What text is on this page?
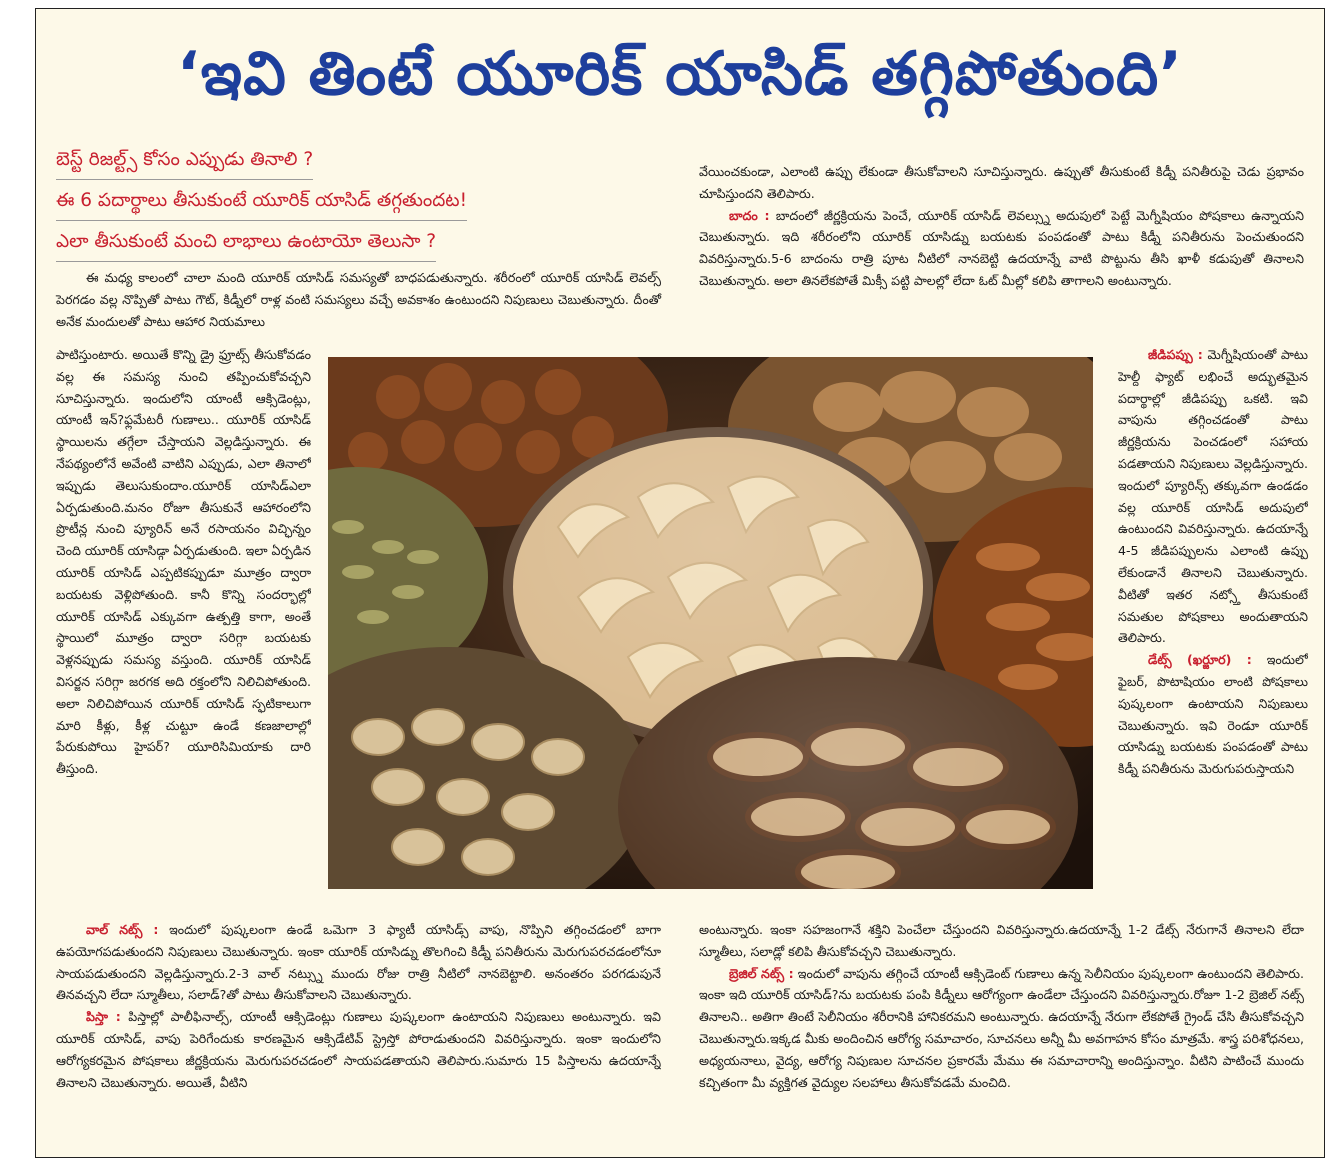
‘ఇవి తింటే యూరిక్ యాసిడ్ తగ్గిపోతుంది’
బెస్ట్ రిజల్ట్స్ కోసం ఎప్పుడు తినాలి ?
ఈ 6 పదార్థాలు తీసుకుంటే యూరిక్ యాసిడ్ తగ్గతుందట!
ఎలా తీసుకుంటే మంచి లాభాలు ఉంటాయో తెలుసా ?

ఈ మధ్య కాలంలో చాలా మంది యూరిక్ యాసిడ్ సమస్యతో బాధపడుతున్నారు. శరీరంలో యూరిక్ యాసిడ్ లెవల్స్ పెరగడం వల్ల నొప్పితో పాటు గౌట్, కిడ్నీలో రాళ్ల వంటి సమస్యలు వచ్చే అవకాశం ఉంటుందని నిపుణులు చెబుతున్నారు. దీంతో అనేక మందులతో పాటు ఆహార నియమాలు

పాటిస్తుంటారు. అయితే కొన్ని డ్రై ఫ్రూట్స్ తీసుకోవడం వల్ల ఈ సమస్య నుంచి తప్పించుకోవచ్చని సూచిస్తున్నారు. ఇందులోని యాంటీ ఆక్సిడెంట్లు, యాంటీ ఇన్?ఫ్లమేటరీ గుణాలు.. యూరిక్ యాసిడ్ స్థాయిలను తగ్గేలా చేస్తాయని వెల్లడిస్తున్నారు. ఈ నేపథ్యంలోనే అవేంటి వాటిని ఎప్పుడు, ఎలా తినాలో ఇప్పుడు తెలుసుకుందాం.యూరిక్ యాసిడ్ఎలా ఏర్పడుతుంది.మనం రోజూ తీసుకునే ఆహారంలోని ప్రొటీన్ల నుంచి ప్యూరిన్ అనే రసాయనం విచ్ఛిన్నం చెంది యూరిక్ యాసిడ్గా ఏర్పడుతుంది. ఇలా ఏర్పడిన యూరిక్ యాసిడ్ ఎప్పటికప్పుడూ మూత్రం ద్వారా బయటకు వెళ్లిపోతుంది. కానీ కొన్ని సందర్భాల్లో యూరిక్ యాసిడ్ ఎక్కువగా ఉత్పత్తి కాగా, అంతే స్థాయిలో మూత్రం ద్వారా సరిగ్గా బయటకు వెళ్లనప్పుడు సమస్య వస్తుంది. యూరిక్ యాసిడ్ విసర్జన సరిగ్గా జరగక అది రక్తంలోని నిలిచిపోతుంది. అలా నిలిచిపోయిన యూరిక్ యాసిడ్ స్ఫటికాలుగా మారి కీళ్లు, కీళ్ల చుట్టూ ఉండే కణజాలాల్లో పేరుకుపోయి హైపర్? యూరిసిమియాకు దారి తీస్తుంది.

వాల్ నట్స్ : ఇందులో పుష్కలంగా ఉండే ఒమెగా 3 ఫ్యాటీ యాసిడ్స్ వాపు, నొప్పిని తగ్గించడంలో బాగా ఉపయోగపడుతుందని నిపుణులు చెబుతున్నారు. ఇంకా యూరిక్ యాసిడ్ను తొలగించి కిడ్నీ పనితీరును మెరుగుపరచడంలోనూ సాయపడుతుందని వెల్లడిస్తున్నారు.2-3 వాల్ నట్స్ను ముందు రోజు రాత్రి నీటిలో నానబెట్టాలి. అనంతరం పరగడుపునే తినవచ్చని లేదా స్మూతీలు, సలాడ్?తో పాటు తీసుకోవాలని చెబుతున్నారు.

పిస్తా : పిస్తాల్లో పాలీఫినాల్స్, యాంటీ ఆక్సిడెంట్లు గుణాలు పుష్కలంగా ఉంటాయని నిపుణులు అంటున్నారు. ఇవి యూరిక్ యాసిడ్, వాపు పెరిగేందుకు కారణమైన ఆక్సిడేటివ్ స్ట్రెస్తో పోరాడుతుందని వివరిస్తున్నారు. ఇంకా ఇందులోని ఆరోగ్యకరమైన పోషకాలు జీర్ణక్రియను మెరుగుపరచడంలో సాయపడతాయని తెలిపారు.సుమారు 15 పిస్తాలను ఉదయాన్నే తినాలని చెబుతున్నారు. అయితే, వీటిని

వేయించకుండా, ఎలాంటి ఉప్పు లేకుండా తీసుకోవాలని సూచిస్తున్నారు. ఉప్పుతో తీసుకుంటే కిడ్నీ పనితీరుపై చెడు ప్రభావం చూపిస్తుందని తెలిపారు.

బాదం : బాదంలో జీర్ణక్రియను పెంచే, యూరిక్ యాసిడ్ లెవల్స్ను అదుపులో పెట్టే మెగ్నీషియం పోషకాలు ఉన్నాయని చెబుతున్నారు. ఇది శరీరంలోని యూరిక్ యాసిడ్ను బయటకు పంపడంతో పాటు కిడ్నీ పనితీరును పెంచుతుందని వివరిస్తున్నారు.5-6 బాదంను రాత్రి పూట నీటిలో నానబెట్టి ఉదయాన్నే వాటి పొట్టును తీసి ఖాళీ కడుపుతో తినాలని చెబుతున్నారు. అలా తినలేకపోతే మిక్సీ పట్టి పాలల్లో లేదా ఓట్ మీల్లో కలిపి తాగాలని అంటున్నారు.

జీడిపప్పు : మెగ్నీషియంతో పాటు హెల్దీ ఫ్యాట్ లభించే అద్భుతమైన పదార్థాల్లో జీడిపప్పు ఒకటి. ఇవి వాపును తగ్గించడంతో పాటు జీర్ణక్రియను పెంచడంలో సహాయ పడతాయని నిపుణులు వెల్లడిస్తున్నారు. ఇందులో ప్యూరిన్స్ తక్కువగా ఉండడం వల్ల యూరిక్ యాసిడ్ అదుపులో ఉంటుందని వివరిస్తున్నారు. ఉదయాన్నే 4-5 జీడిపప్పులను ఎలాంటి ఉప్పు లేకుండానే తినాలని చెబుతున్నారు. వీటితో ఇతర నట్స్తో తీసుకుంటే సమతుల పోషకాలు అందుతాయని తెలిపారు.

డేట్స్ (ఖర్జూర) : ఇందులో ఫైబర్, పొటాషియం లాంటి పోషకాలు పుష్కలంగా ఉంటాయని నిపుణులు చెబుతున్నారు. ఇవి రెండూ యూరిక్ యాసిడ్ను బయటకు పంపడంతో పాటు కిడ్నీ పనితీరును మెరుగుపరుస్తాయని

అంటున్నారు. ఇంకా సహజంగానే శక్తిని పెంచేలా చేస్తుందని వివరిస్తున్నారు.ఉదయాన్నే 1-2 డేట్స్ నేరుగానే తినాలని లేదా స్మూతీలు, సలాడ్లో కలిపి తీసుకోవచ్చని చెబుతున్నారు.

బ్రెజిల్ నట్స్ : ఇందులో వాపును తగ్గించే యాంటీ ఆక్సిడెంట్ గుణాలు ఉన్న సెలీనియం పుష్కలంగా ఉంటుందని తెలిపారు. ఇంకా ఇది యూరిక్ యాసిడ్?ను బయటకు పంపి కిడ్నీలు ఆరోగ్యంగా ఉండేలా చేస్తుందని వివరిస్తున్నారు.రోజూ 1-2 బ్రెజిల్ నట్స్ తినాలని.. అతిగా తింటే సెలీనియం శరీరానికి హానికరమని అంటున్నారు. ఉదయాన్నే నేరుగా లేకపోతే గ్రైండ్ చేసి తీసుకోవచ్చని చెబుతున్నారు.ఇక్కడ మీకు అందించిన ఆరోగ్య సమాచారం, సూచనలు అన్నీ మీ అవగాహన కోసం మాత్రమే. శాస్త్ర పరిశోధనలు, అధ్యయనాలు, వైద్య, ఆరోగ్య నిపుణుల సూచనల ప్రకారమే మేము ఈ సమాచారాన్ని అందిస్తున్నాం. వీటిని పాటించే ముందు కచ్చితంగా మీ వ్యక్తిగత వైద్యుల సలహాలు తీసుకోవడమే మంచిది.
